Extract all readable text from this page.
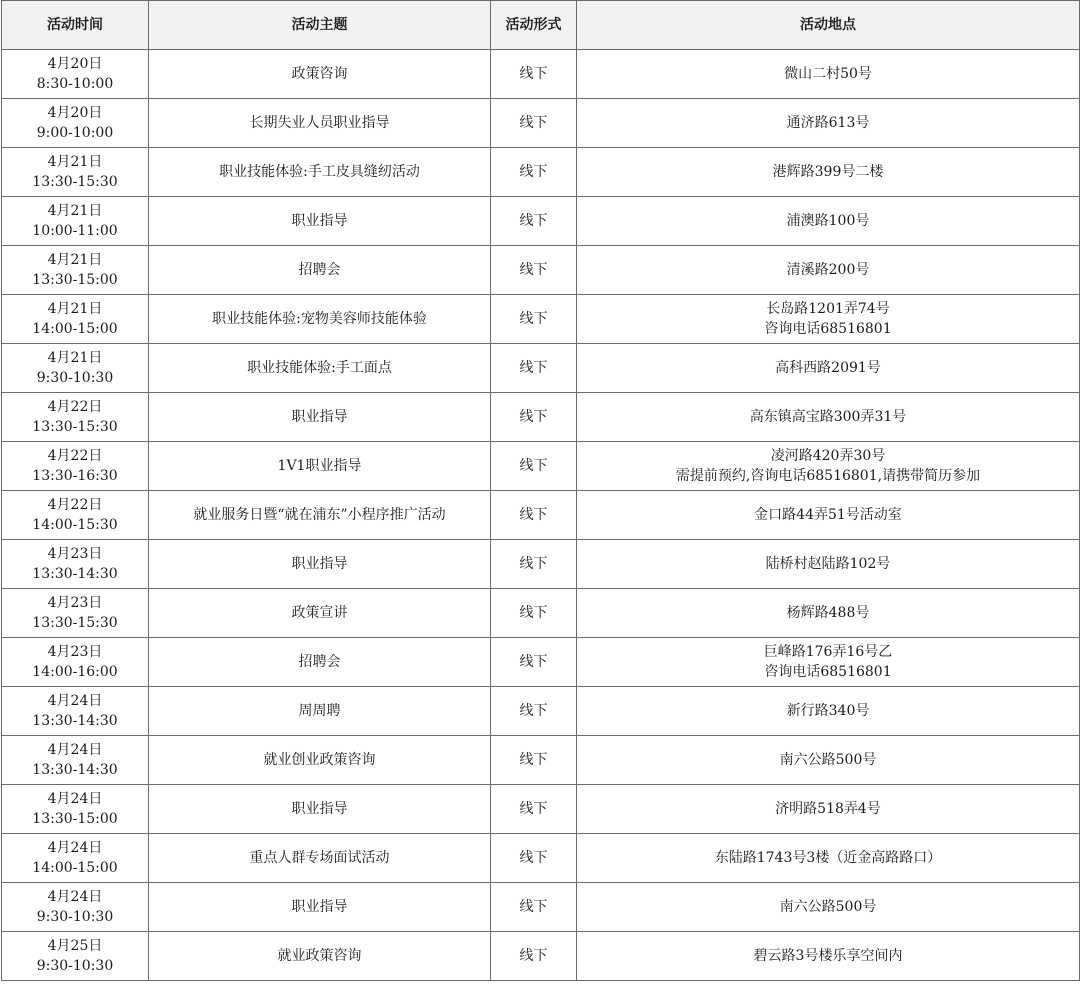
活动时间	活动主题	活动形式	活动地点

4月20日
8:30-10:00	政策咨询	线下	微山二村50号

4月20日
9:00-10:00	长期失业人员职业指导	线下	通济路613号

4月21日
13:30-15:30	职业技能体验:手工皮具缝纫活动	线下	港辉路399号二楼

4月21日
10:00-11:00	职业指导	线下	浦澳路100号

4月21日
13:30-15:00	招聘会	线下	清溪路200号

4月21日
14:00-15:00	职业技能体验:宠物美容师技能体验	线下	长岛路1201弄74号
咨询电话68516801

4月21日
9:30-10:30	职业技能体验:手工面点	线下	高科西路2091号

4月22日
13:30-15:30	职业指导	线下	高东镇高宝路300弄31号

4月22日
13:30-16:30	1V1职业指导	线下	凌河路420弄30号
需提前预约,咨询电话68516801,请携带简历参加

4月22日
14:00-15:30	就业服务日暨“就在浦东”小程序推广活动	线下	金口路44弄51号活动室

4月23日
13:30-14:30	职业指导	线下	陆桥村赵陆路102号

4月23日
13:30-15:30	政策宣讲	线下	杨辉路488号

4月23日
14:00-16:00	招聘会	线下	巨峰路176弄16号乙
咨询电话68516801

4月24日
13:30-14:30	周周聘	线下	新行路340号

4月24日
13:30-14:30	就业创业政策咨询	线下	南六公路500号

4月24日
13:30-15:00	职业指导	线下	济明路518弄4号

4月24日
14:00-15:00	重点人群专场面试活动	线下	东陆路1743号3楼（近金高路路口）

4月24日
9:30-10:30	职业指导	线下	南六公路500号

4月25日
9:30-10:30	就业政策咨询	线下	碧云路3号楼乐享空间内
